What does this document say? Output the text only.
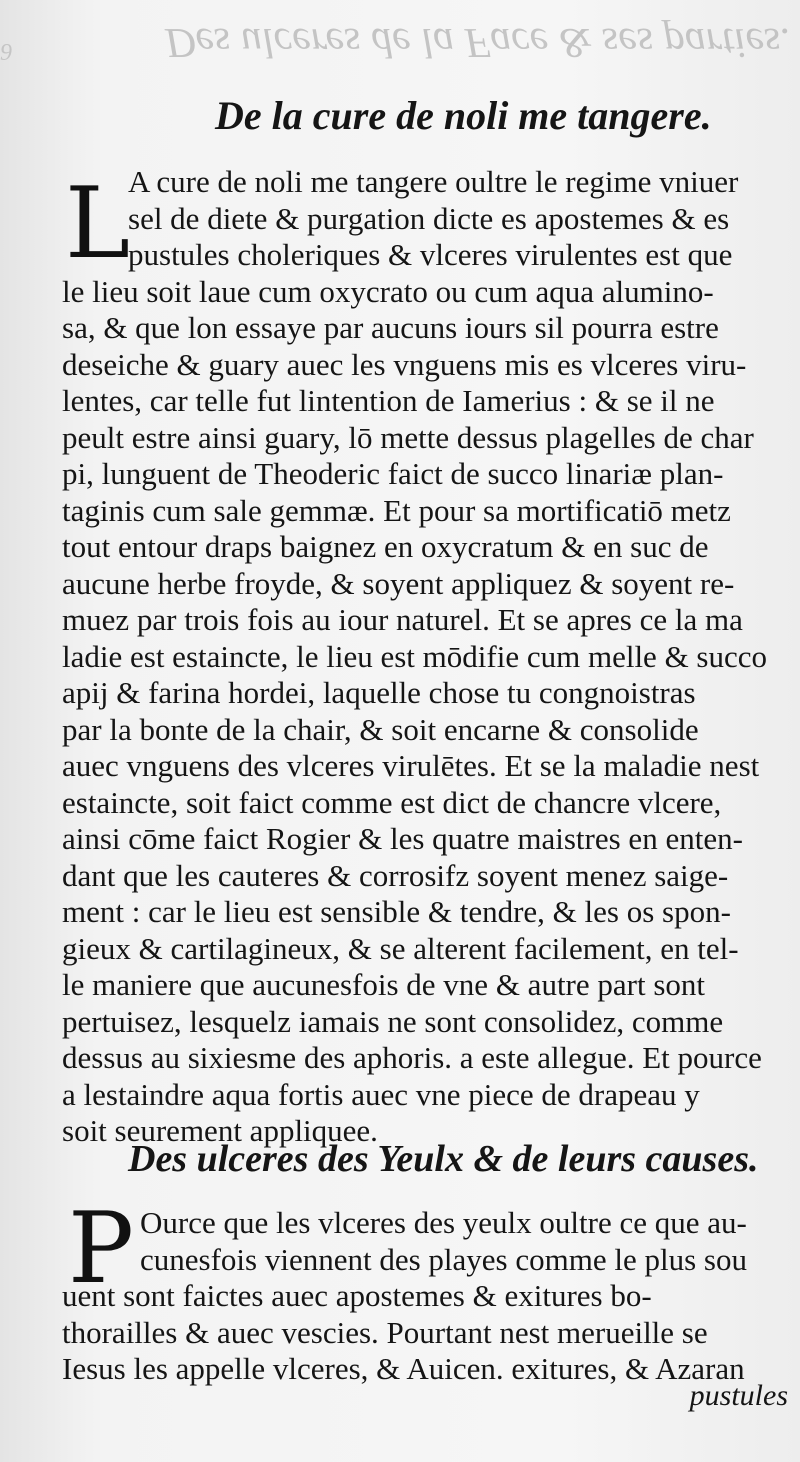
Des ulceres de la Face & ses parties.
9
De la cure de noli me tangere.
L
A cure de noli me tangere oultre le regime vniuer
sel de diete & purgation dicte es apostemes & es
pustules choleriques & vlceres virulentes est que
le lieu soit laue cum oxycrato ou cum aqua alumino-
sa, & que lon essaye par aucuns iours sil pourra estre
deseiche & guary auec les vnguens mis es vlceres viru-
lentes, car telle fut lintention de Iamerius : & se il ne
peult estre ainsi guary, lō mette dessus plagelles de char
pi, lunguent de Theoderic faict de succo linariæ plan-
taginis cum sale gemmæ. Et pour sa mortificatiō metz
tout entour draps baignez en oxycratum & en suc de
aucune herbe froyde, & soyent appliquez & soyent re-
muez par trois fois au iour naturel. Et se apres ce la ma
ladie est estaincte, le lieu est mōdifie cum melle & succo
apij & farina hordei, laquelle chose tu congnoistras
par la bonte de la chair, & soit encarne & consolide
auec vnguens des vlceres virulētes. Et se la maladie nest
estaincte, soit faict comme est dict de chancre vlcere,
ainsi cōme faict Rogier & les quatre maistres en enten-
dant que les cauteres & corrosifz soyent menez saige-
ment : car le lieu est sensible & tendre, & les os spon-
gieux & cartilagineux, & se alterent facilement, en tel-
le maniere que aucunesfois de vne & autre part sont
pertuisez, lesquelz iamais ne sont consolidez, comme
dessus au sixiesme des aphoris. a este allegue. Et pource
a lestaindre aqua fortis auec vne piece de drapeau y
soit seurement appliquee.
Des ulceres des Yeulx & de leurs causes.
P Ource que les vlceres des yeulx oultre ce que au-
cunesfois viennent des playes comme le plus sou
uent sont faictes auec apostemes & exitures bo-
thorailles & auec vescies. Pourtant nest merueille se
Iesus les appelle vlceres, & Auicen. exitures, & Azaran
pustules
